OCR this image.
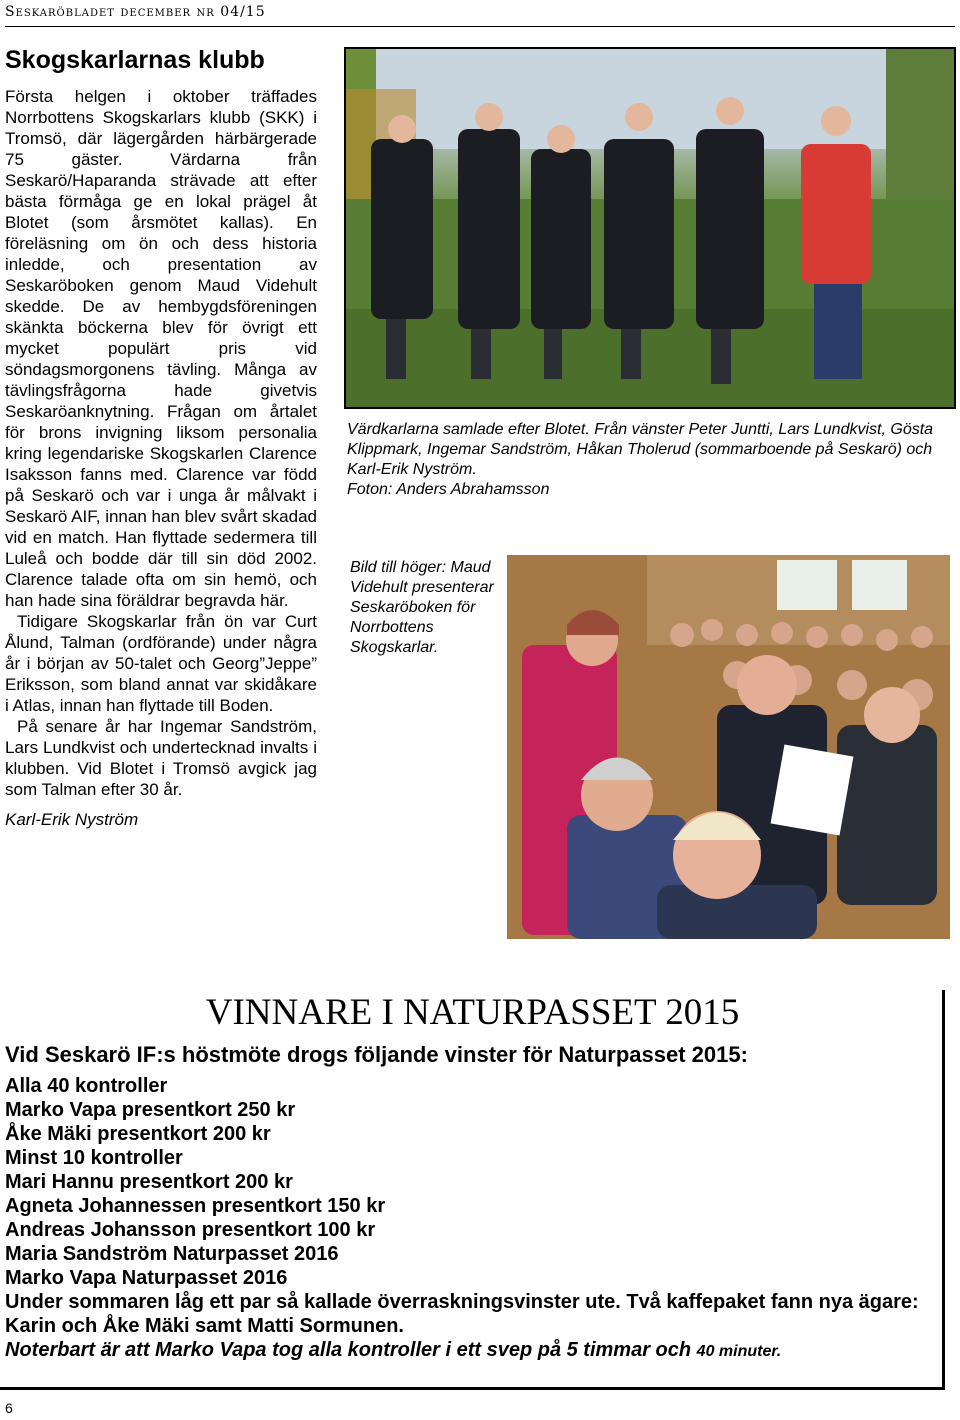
Seskaröbladet december nr 04/15
Skogskarlarnas klubb

Första helgen i oktober träffades Norrbottens Skogskarlars klubb (SKK) i Tromsö, där lägergården härbärgerade 75 gäster. Värdarna från Seskarö/Haparanda strävade att efter bästa förmåga ge en lokal prägel åt Blotet (som årsmötet kallas). En föreläsning om ön och dess historia inledde, och presentation av Seskaröboken genom Maud Videhult skedde. De av hembygdsföreningen skänkta böckerna blev för övrigt ett mycket populärt pris vid söndagsmorgonens tävling. Många av tävlingsfrågorna hade givetvis Seskaröanknytning. Frågan om årtalet för brons invigning liksom personalia kring legendariske Skogskarlen Clarence Isaksson fanns med. Clarence var född på Seskarö och var i unga år målvakt i Seskarö AIF, innan han blev svårt skadad vid en match. Han flyttade sedermera till Luleå och bodde där till sin död 2002. Clarence talade ofta om sin hemö, och han hade sina föräldrar begravda här.

Tidigare Skogskarlar från ön var Curt Ålund, Talman (ordförande) under några år i början av 50-talet och Georg”Jeppe” Eriksson, som bland annat var skidåkare i Atlas, innan han flyttade till Boden.

På senare år har Ingemar Sandström, Lars Lundkvist och undertecknad invalts i klubben. Vid Blotet i Tromsö avgick jag som Talman efter 30 år.

Karl-Erik Nyström
Värdkarlarna samlade efter Blotet. Från vänster Peter Juntti, Lars Lundkvist, Gösta Klippmark, Ingemar Sandström, Håkan Tholerud (sommarboende på Seskarö) och Karl-Erik Nyström.
Foton: Anders Abrahamsson
Bild till höger: Maud Videhult presenterar Seskaröboken för Norrbottens Skogskarlar.
VINNARE I NATURPASSET 2015
Vid Seskarö IF:s höstmöte drogs följande vinster för Naturpasset 2015:
Alla 40 kontroller
Marko Vapa presentkort 250 kr
Åke Mäki presentkort 200 kr
Minst 10 kontroller
Mari Hannu presentkort 200 kr
Agneta Johannessen presentkort 150 kr
Andreas Johansson presentkort 100 kr
Maria Sandström Naturpasset 2016
Marko Vapa Naturpasset 2016
Under sommaren låg ett par så kallade överraskningsvinster ute. Två kaffepaket fann nya ägare: Karin och Åke Mäki samt Matti Sormunen.
Noterbart är att Marko Vapa tog alla kontroller i ett svep på 5 timmar och 40 minuter.
6
